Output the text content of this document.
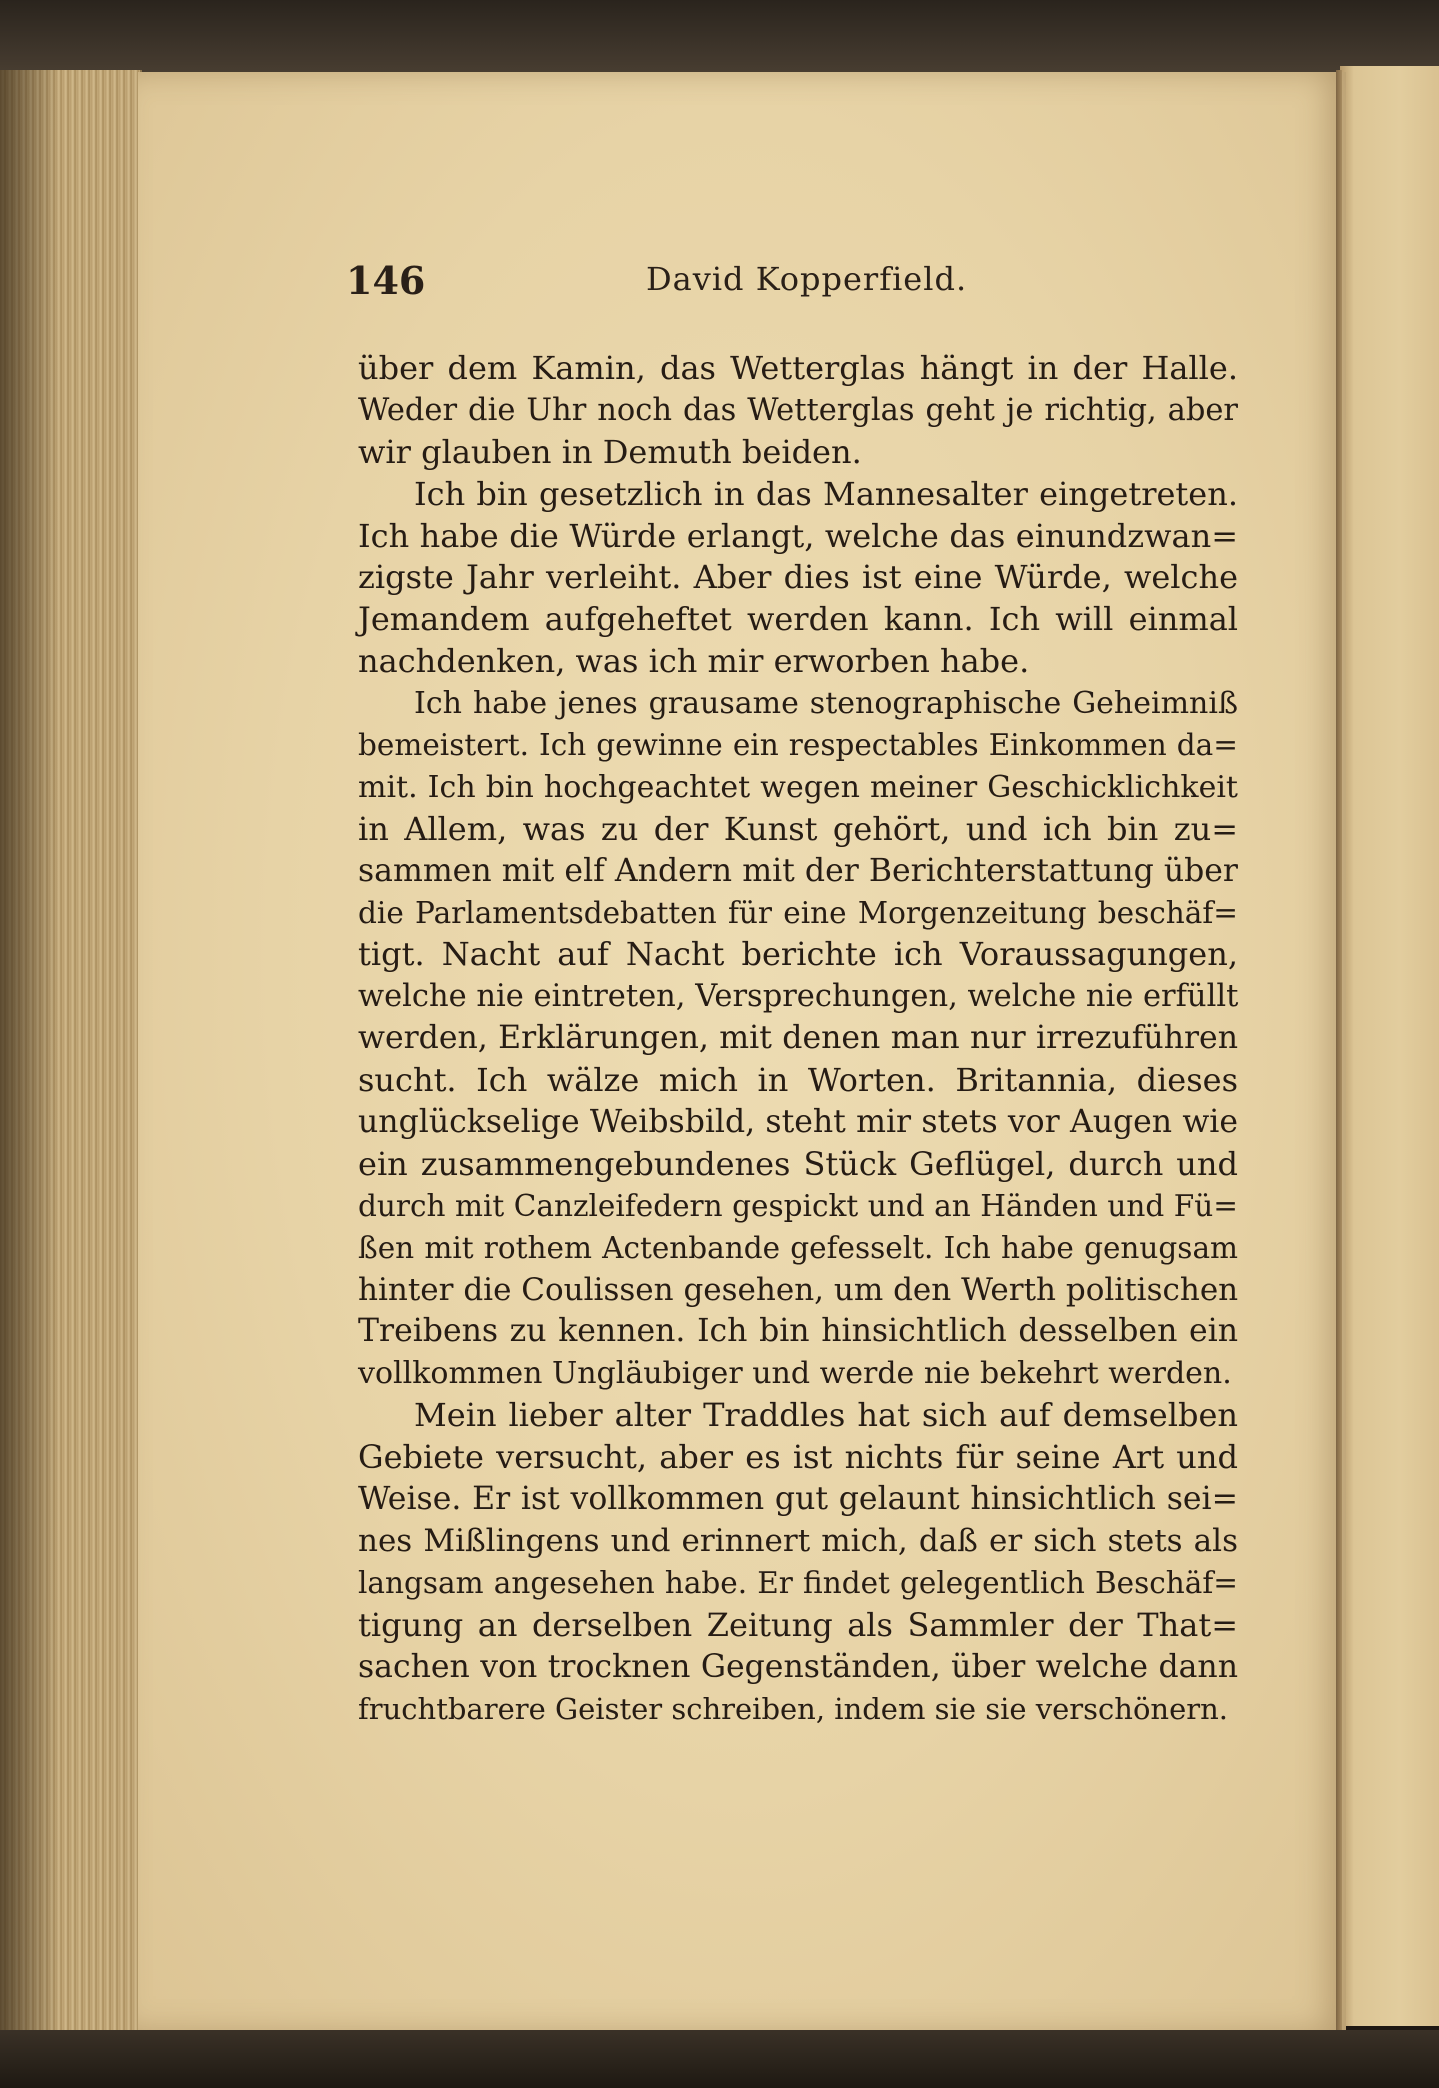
146	David Kopperfield.
über dem Kamin, das Wetterglas hängt in der Halle.
Weder die Uhr noch das Wetterglas geht je richtig, aber
wir glauben in Demuth beiden.
Ich bin gesetzlich in das Mannesalter eingetreten.
Ich habe die Würde erlangt, welche das einundzwan=
zigste Jahr verleiht. Aber dies ist eine Würde, welche
Jemandem aufgeheftet werden kann. Ich will einmal
nachdenken, was ich mir erworben habe.
Ich habe jenes grausame stenographische Geheimniß
bemeistert. Ich gewinne ein respectables Einkommen da=
mit. Ich bin hochgeachtet wegen meiner Geschicklichkeit
in Allem, was zu der Kunst gehört, und ich bin zu=
sammen mit elf Andern mit der Berichterstattung über
die Parlamentsdebatten für eine Morgenzeitung beschäf=
tigt. Nacht auf Nacht berichte ich Voraussagungen,
welche nie eintreten, Versprechungen, welche nie erfüllt
werden, Erklärungen, mit denen man nur irrezuführen
sucht. Ich wälze mich in Worten. Britannia, dieses
unglückselige Weibsbild, steht mir stets vor Augen wie
ein zusammengebundenes Stück Geflügel, durch und
durch mit Canzleifedern gespickt und an Händen und Fü=
ßen mit rothem Actenbande gefesselt. Ich habe genugsam
hinter die Coulissen gesehen, um den Werth politischen
Treibens zu kennen. Ich bin hinsichtlich desselben ein
vollkommen Ungläubiger und werde nie bekehrt werden.
Mein lieber alter Traddles hat sich auf demselben
Gebiete versucht, aber es ist nichts für seine Art und
Weise. Er ist vollkommen gut gelaunt hinsichtlich sei=
nes Mißlingens und erinnert mich, daß er sich stets als
langsam angesehen habe. Er findet gelegentlich Beschäf=
tigung an derselben Zeitung als Sammler der That=
sachen von trocknen Gegenständen, über welche dann
fruchtbarere Geister schreiben, indem sie sie verschönern.
